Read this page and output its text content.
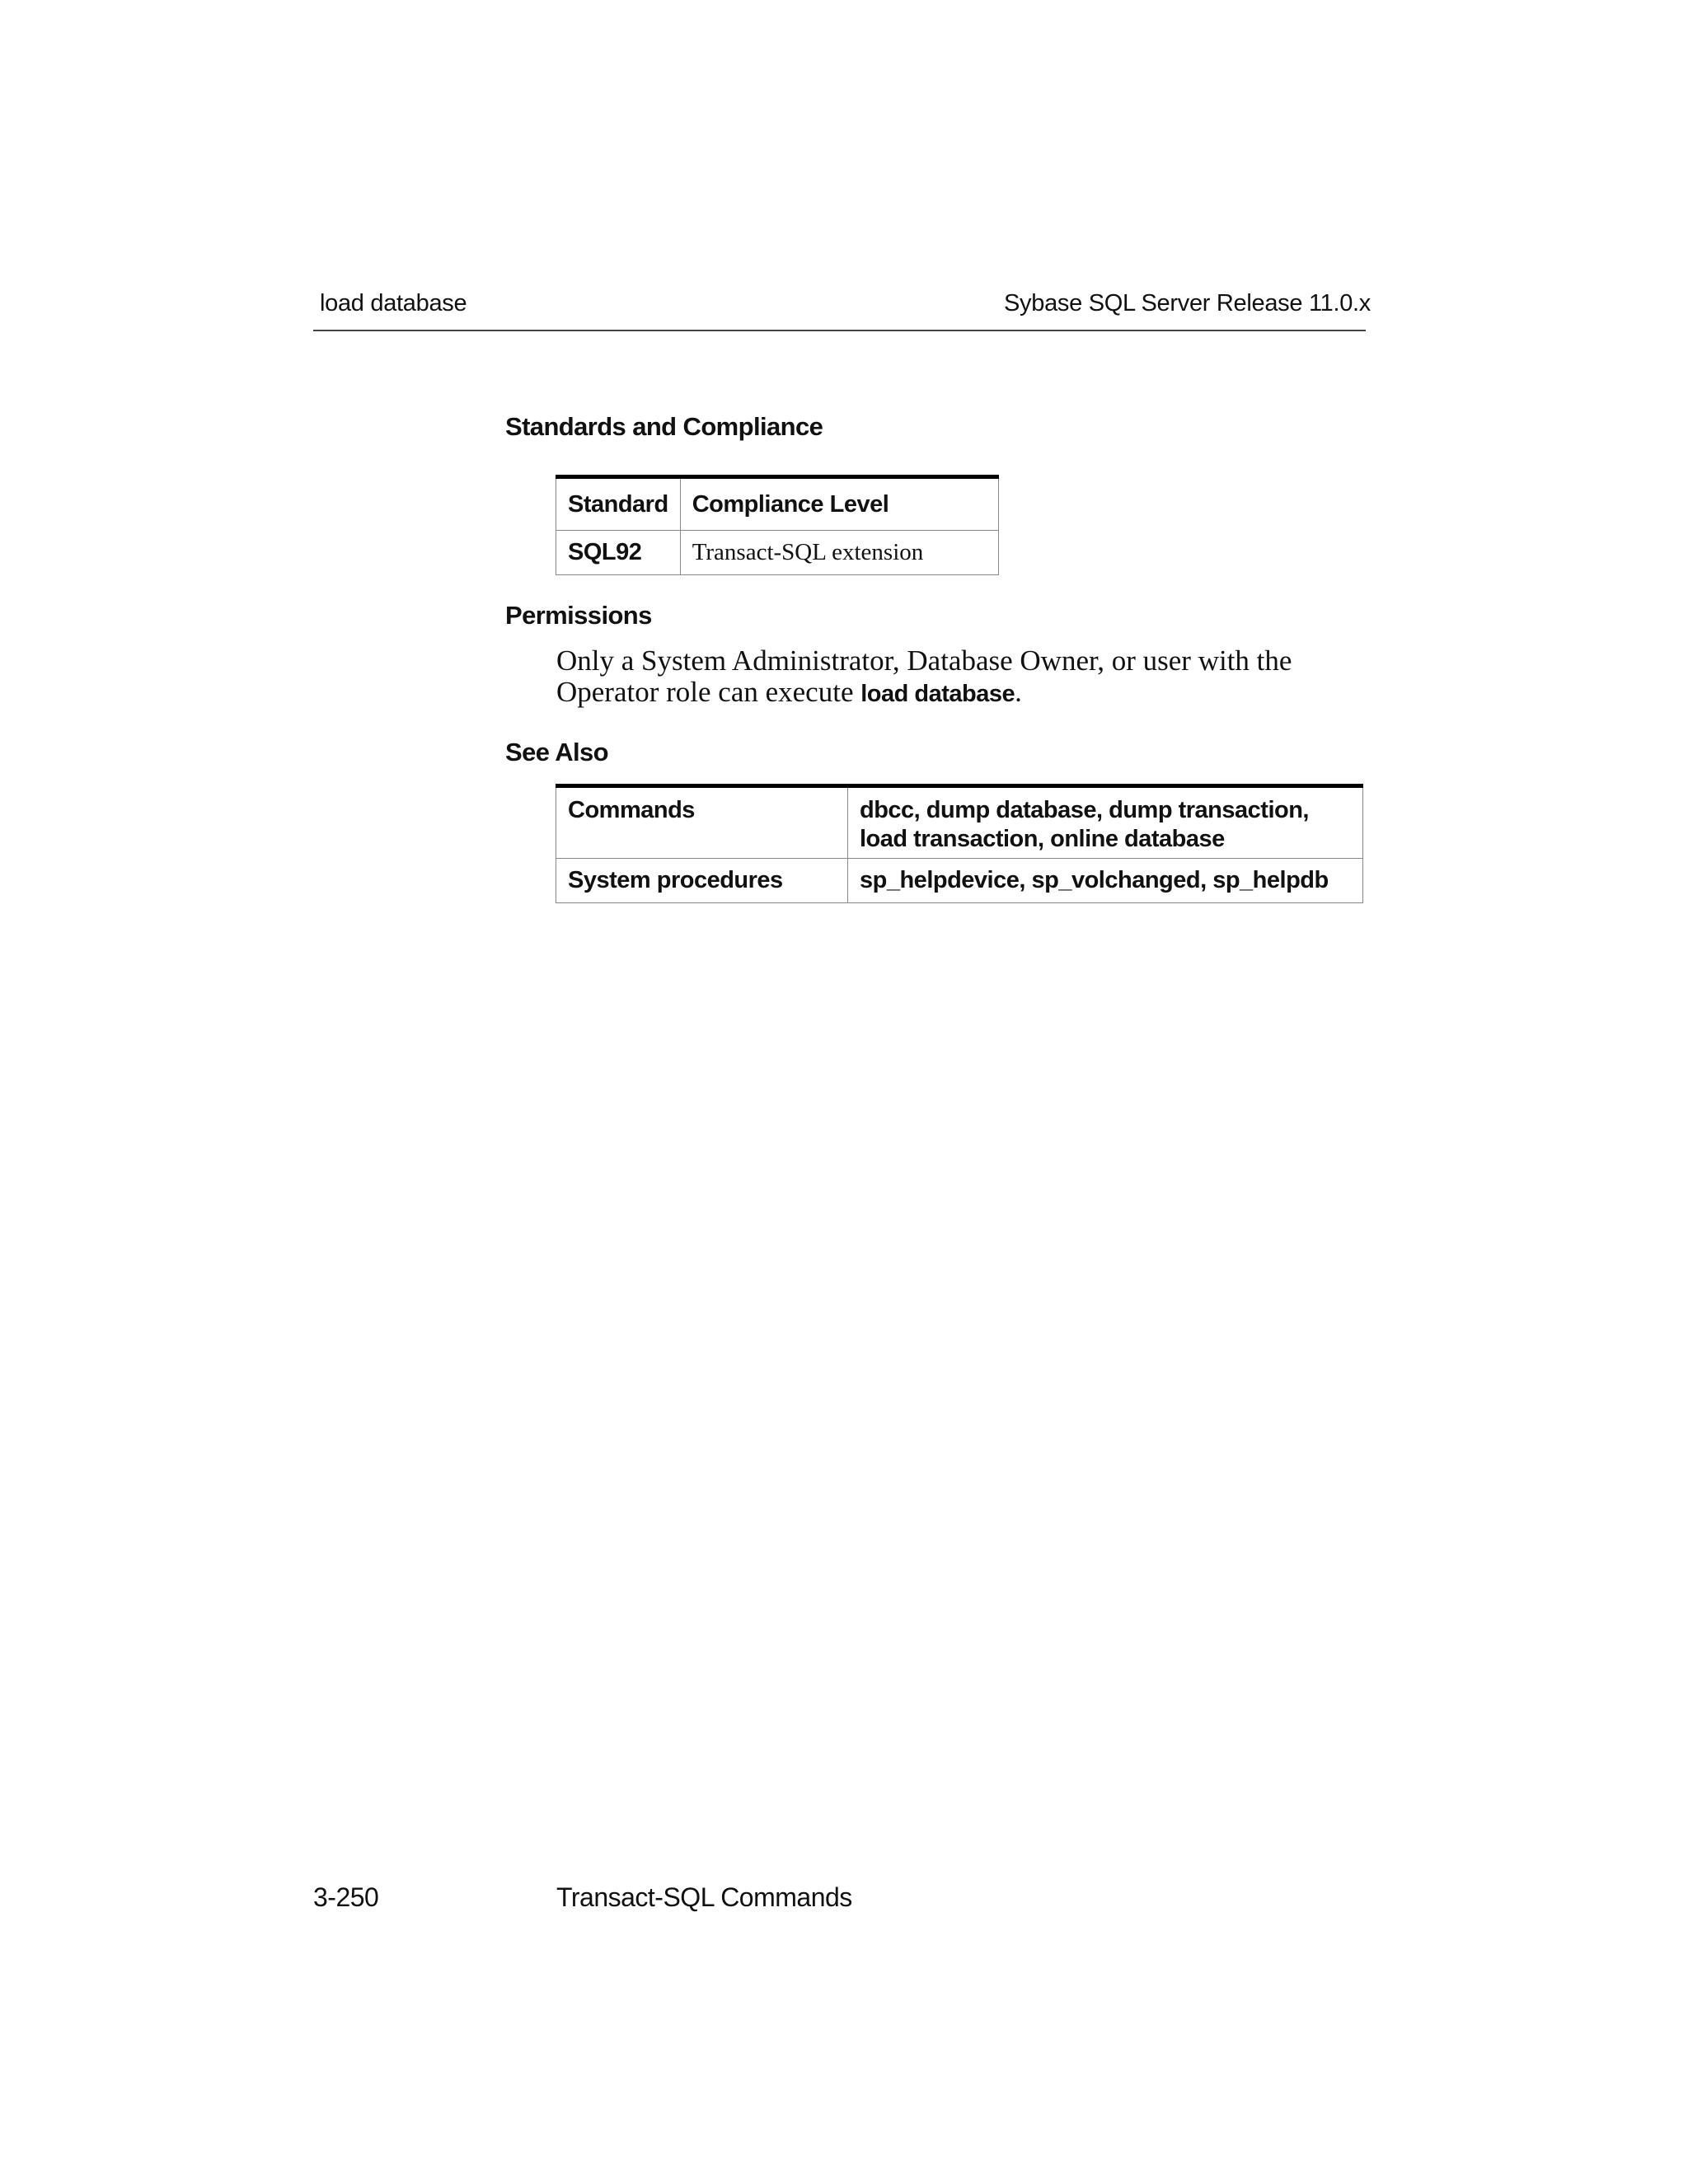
load database	Sybase SQL Server Release 11.0.x
Standards and Compliance
Standard	Compliance Level
SQL92	Transact-SQL extension
Permissions
Only a System Administrator, Database Owner, or user with the Operator role can execute load database.
See Also
Commands	dbcc, dump database, dump transaction, load transaction, online database
System procedures	sp_helpdevice, sp_volchanged, sp_helpdb
3-250	Transact-SQL Commands
